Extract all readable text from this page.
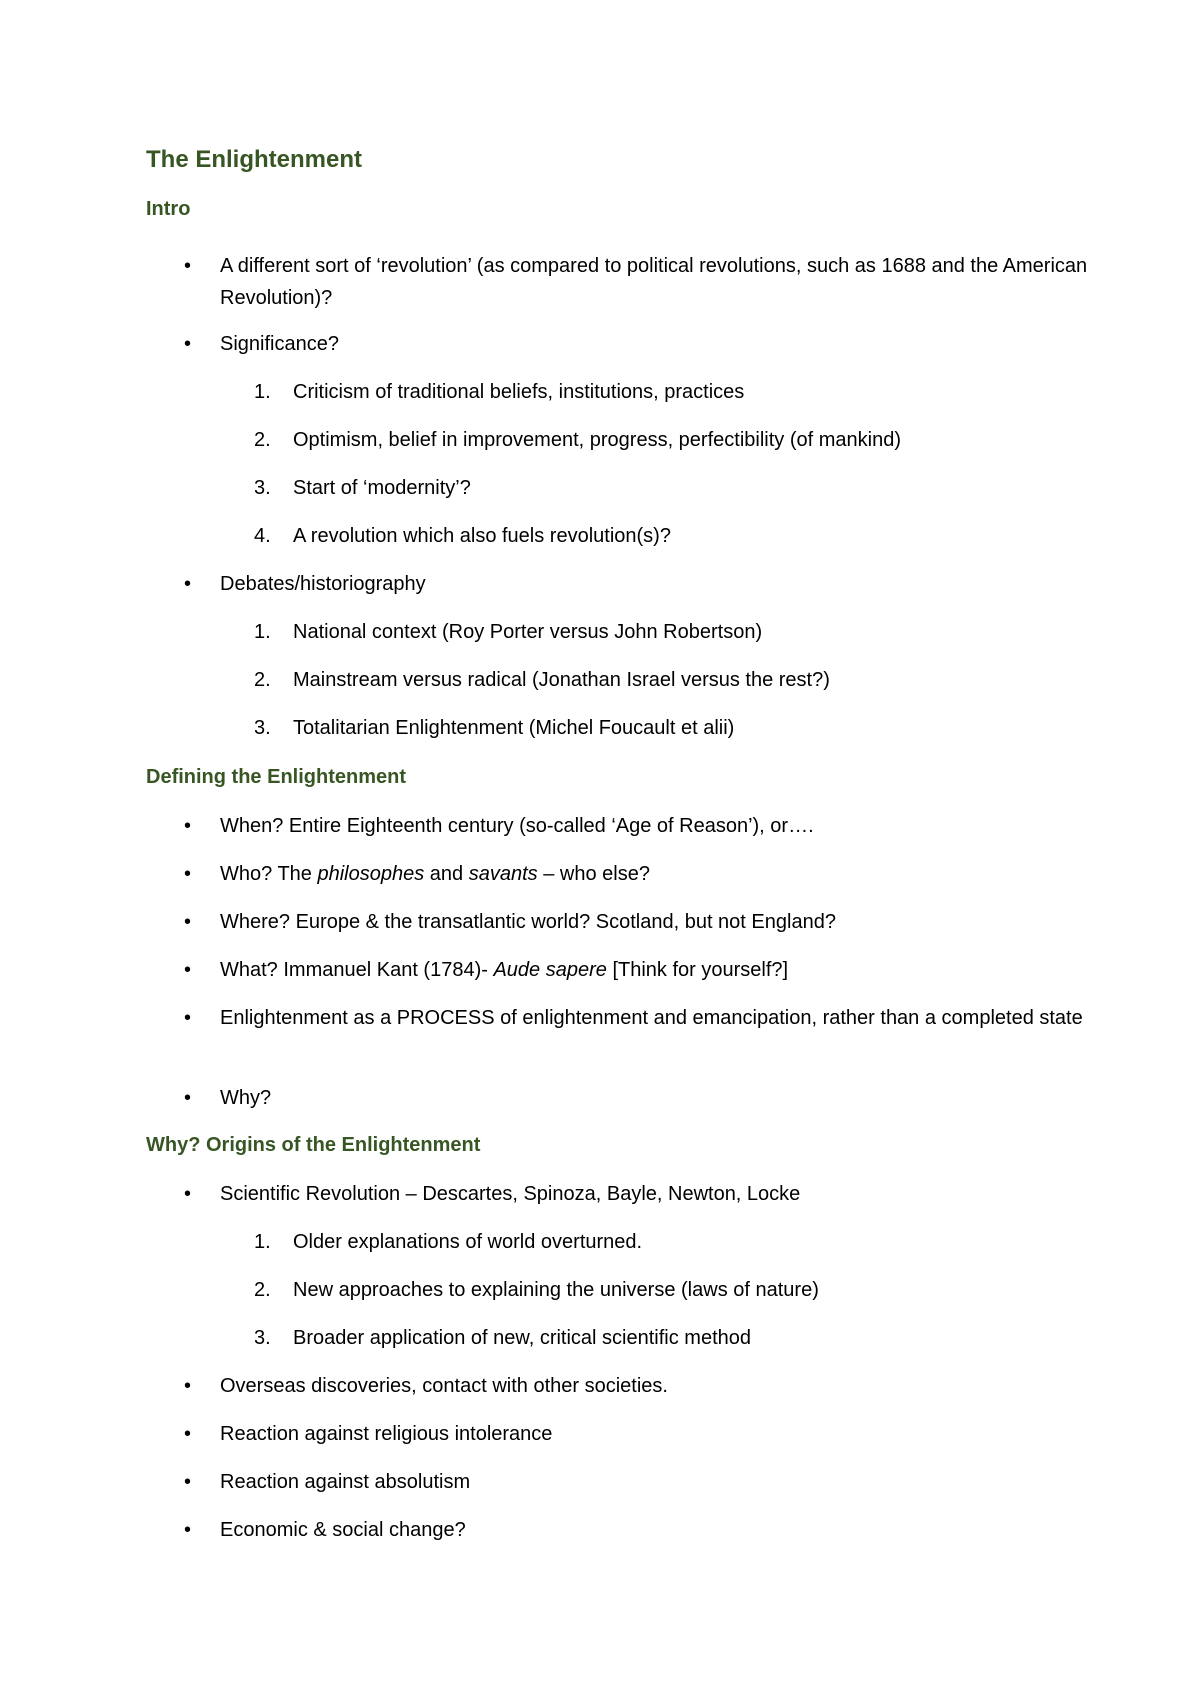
The Enlightenment
Intro
• A different sort of ‘revolution’ (as compared to political revolutions, such as 1688 and the American Revolution)?
• Significance?
1. Criticism of traditional beliefs, institutions, practices
2. Optimism, belief in improvement, progress, perfectibility (of mankind)
3. Start of ‘modernity’?
4. A revolution which also fuels revolution(s)?
• Debates/historiography
1. National context (Roy Porter versus John Robertson)
2. Mainstream versus radical (Jonathan Israel versus the rest?)
3. Totalitarian Enlightenment (Michel Foucault et alii)
Defining the Enlightenment
• When? Entire Eighteenth century (so-called ‘Age of Reason’), or….
• Who? The philosophes and savants – who else?
• Where? Europe & the transatlantic world? Scotland, but not England?
• What? Immanuel Kant (1784)- Aude sapere [Think for yourself?]
• Enlightenment as a PROCESS of enlightenment and emancipation, rather than a completed state
• Why?
Why? Origins of the Enlightenment
• Scientific Revolution – Descartes, Spinoza, Bayle, Newton, Locke
1. Older explanations of world overturned.
2. New approaches to explaining the universe (laws of nature)
3. Broader application of new, critical scientific method
• Overseas discoveries, contact with other societies.
• Reaction against religious intolerance
• Reaction against absolutism
• Economic & social change?
